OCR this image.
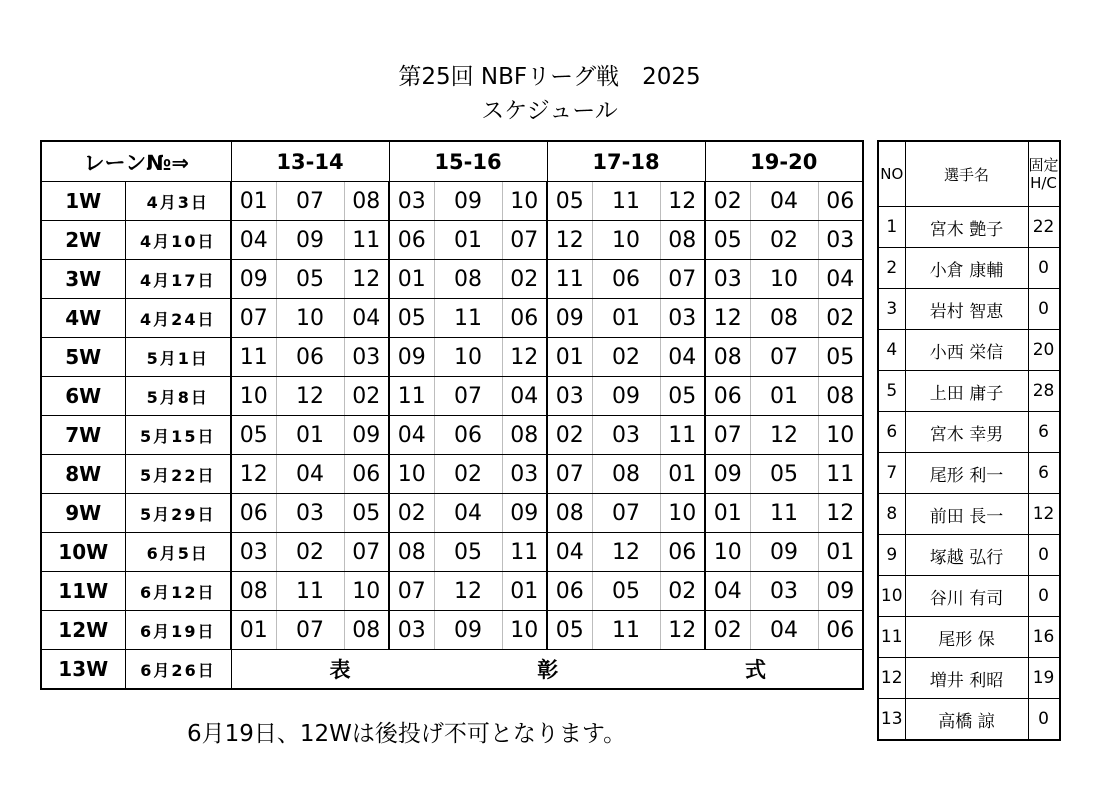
第25回 NBFリーグ戦　2025
スケジュール
レーン№⇒		13-14			15-16			17-18			19-20		
1W	4月3日	01	07	08	03	09	10	05	11	12	02	04	06
2W	4月10日	04	09	11	06	01	07	12	10	08	05	02	03
3W	4月17日	09	05	12	01	08	02	11	06	07	03	10	04
4W	4月24日	07	10	04	05	11	06	09	01	03	12	08	02
5W	5月1日	11	06	03	09	10	12	01	02	04	08	07	05
6W	5月8日	10	12	02	11	07	04	03	09	05	06	01	08
7W	5月15日	05	01	09	04	06	08	02	03	11	07	12	10
8W	5月22日	12	04	06	10	02	03	07	08	01	09	05	11
9W	5月29日	06	03	05	02	04	09	08	07	10	01	11	12
10W	6月5日	03	02	07	08	05	11	04	12	06	10	09	01
11W	6月12日	08	11	10	07	12	01	06	05	02	04	03	09
12W	6月19日	01	07	08	03	09	10	05	11	12	02	04	06
13W	6月26日	表 彰 式											
6月19日、12Wは後投げ不可となります。
NO	選手名	固定
H/C

1	宮木 艶子	22
2	小倉 康輔	0
3	岩村 智恵	0
4	小西 栄信	20
5	上田 庸子	28
6	宮木 幸男	6
7	尾形 利一	6
8	前田 長一	12
9	塚越 弘行	0
10	谷川 有司	0
11	尾形 保	16
12	増井 利昭	19
13	高橋 諒	0
